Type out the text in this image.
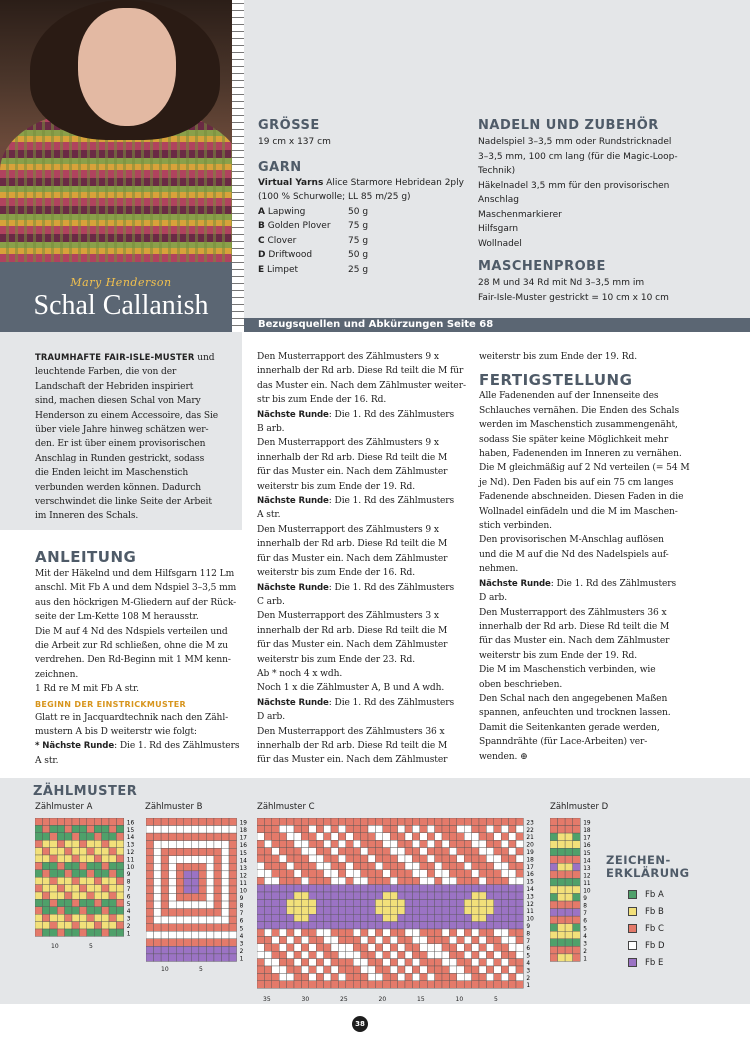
Mary Henderson
Schal Callanish
Bezugsquellen und Abkürzungen Seite 68
GRÖSSE
19 cm x 137 cm
GARN
Virtual Yarns Alice Starmore Hebridean 2ply
(100 % Schurwolle; LL 85 m/25 g)
A Lapwing	50 g
B Golden Plover	75 g
C Clover	75 g
D Driftwood	50 g
E Limpet	25 g
NADELN UND ZUBEHÖR
Nadelspiel 3–3,5 mm oder Rundstricknadel
3–3,5 mm, 100 cm lang (für die Magic-Loop-
Technik)
Häkelnadel 3,5 mm für den provisorischen
Anschlag
Maschenmarkierer
Hilfsgarn
Wollnadel
MASCHENPROBE
28 M und 34 Rd mit Nd 3–3,5 mm im
Fair-Isle-Muster gestrickt = 10 cm x 10 cm
TRAUMHAFTE FAIR-ISLE-MUSTER und leuchtende Farben, die von der
Landschaft der Hebriden inspiriert
sind, machen diesen Schal von Mary
Henderson zu einem Accessoire, das Sie
über viele Jahre hinweg schätzen wer-
den. Er ist über einem provisorischen
Anschlag in Runden gestrickt, sodass
die Enden leicht im Maschenstich
verbunden werden können. Dadurch
verschwindet die linke Seite der Arbeit
im Inneren des Schals.
ANLEITUNG
Mit der Häkelnd und dem Hilfsgarn 112 Lm
anschl. Mit Fb A und dem Ndspiel 3–3,5 mm
aus den höckrigen M-Gliedern auf der Rück-
seite der Lm-Kette 108 M herausstr.
Die M auf 4 Nd des Ndspiels verteilen und
die Arbeit zur Rd schließen, ohne die M zu
verdrehen. Den Rd-Beginn mit 1 MM kenn-
zeichnen.
1 Rd re M mit Fb A str.
BEGINN DER EINSTRICKMUSTER
Glatt re in Jacquardtechnik nach den Zähl-
mustern A bis D weiterstr wie folgt:
* Nächste Runde: Die 1. Rd des Zählmusters
A str.
Den Musterrapport des Zählmusters 9 x
innerhalb der Rd arb. Diese Rd teilt die M für
das Muster ein. Nach dem Zählmuster weiter-
str bis zum Ende der 16. Rd.
Nächste Runde: Die 1. Rd des Zählmusters
B arb.
Den Musterrapport des Zählmusters 9 x
innerhalb der Rd arb. Diese Rd teilt die M
für das Muster ein. Nach dem Zählmuster
weiterstr bis zum Ende der 19. Rd.
Nächste Runde: Die 1. Rd des Zählmusters
A str.
Den Musterrapport des Zählmusters 9 x
innerhalb der Rd arb. Diese Rd teilt die M
für das Muster ein. Nach dem Zählmuster
weiterstr bis zum Ende der 16. Rd.
Nächste Runde: Die 1. Rd des Zählmusters
C arb.
Den Musterrapport des Zählmusters 3 x
innerhalb der Rd arb. Diese Rd teilt die M
für das Muster ein. Nach dem Zählmuster
weiterstr bis zum Ende der 23. Rd.
Ab * noch 4 x wdh.
Noch 1 x die Zählmuster A, B und A wdh.
Nächste Runde: Die 1. Rd des Zählmusters
D arb.
Den Musterrapport des Zählmusters 36 x
innerhalb der Rd arb. Diese Rd teilt die M
für das Muster ein. Nach dem Zählmuster
weiterstr bis zum Ende der 19. Rd.
FERTIGSTELLUNG
Alle Fadenenden auf der Innenseite des
Schlauches vernähen. Die Enden des Schals
werden im Maschenstich zusammengenäht,
sodass Sie später keine Möglichkeit mehr
haben, Fadenenden im Inneren zu vernähen.
Die M gleichmäßig auf 2 Nd verteilen (= 54 M
je Nd). Den Faden bis auf ein 75 cm langes
Fadenende abschneiden. Diesen Faden in die
Wollnadel einfädeln und die M im Maschen-
stich verbinden.
Den provisorischen M-Anschlag auflösen
und die M auf die Nd des Nadelspiels auf-
nehmen.
Nächste Runde: Die 1. Rd des Zählmusters
D arb.
Den Musterrapport des Zählmusters 36 x
innerhalb der Rd arb. Diese Rd teilt die M
für das Muster ein. Nach dem Zählmuster
weiterstr bis zum Ende der 19. Rd.
Die M im Maschenstich verbinden, wie
oben beschrieben.
Den Schal nach den angegebenen Maßen
spannen, anfeuchten und trocknen lassen.
Damit die Seitenkanten gerade werden,
Spanndrähte (für Lace-Arbeiten) ver-
wenden. ⊕
ZÄHLMUSTER
Zählmuster A	Zählmuster B	Zählmuster C	Zählmuster D
16
15
14
13
12
11
10
9
8
7
6
5
4
3
2
1
19
18
17
16
15
14
13
12
11
10
9
8
7
6
5
4
3
2
1
23
22
21
20
19
18
17
16
15
14
13
12
11
10
9
8
7
6
5
4
3
2
1
19
18
17
16
15
14
13
12
11
10
9
8
7
6
5
4
3
2
1
10	5
10	5
35	30	25	20	15	10	5
ZEICHEN-
ERKLÄRUNG
Fb A
Fb B
Fb C
Fb D
Fb E
38
